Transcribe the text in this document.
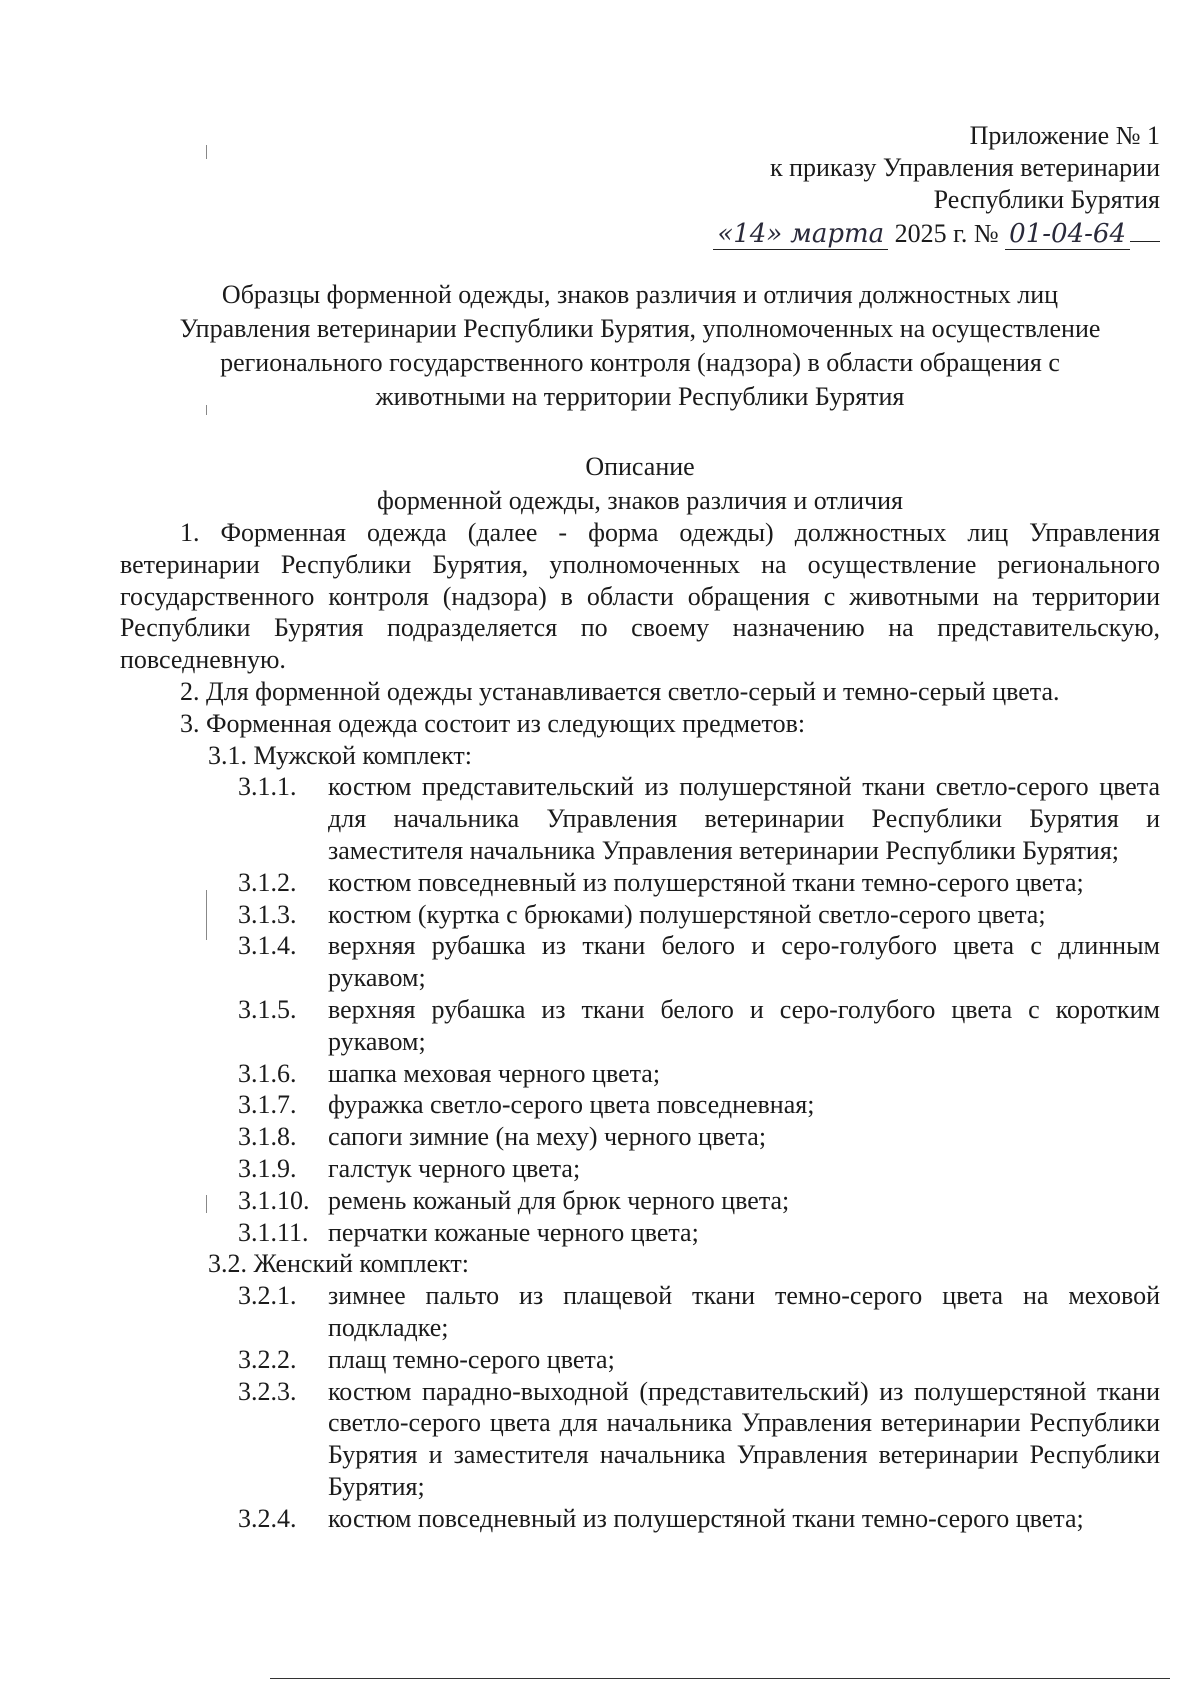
Приложение № 1
к приказу Управления ветеринарии
Республики Бурятия
«14» марта 2025 г. № 01-04-64
Образцы форменной одежды, знаков различия и отличия должностных лиц
Управления ветеринарии Республики Бурятия, уполномоченных на осуществление
регионального государственного контроля (надзора) в области обращения с
животными на территории Республики Бурятия
Описание
форменной одежды, знаков различия и отличия
1. Форменная одежда (далее - форма одежды) должностных лиц Управления ветеринарии Республики Бурятия, уполномоченных на осуществление регионального государственного контроля (надзора) в области обращения с животными на территории Республики Бурятия подразделяется по своему назначению на представительскую, повседневную.
2. Для форменной одежды устанавливается светло-серый и темно-серый цвета.
3. Форменная одежда состоит из следующих предметов:
3.1. Мужской комплект:
3.1.1.	костюм представительский из полушерстяной ткани светло-серого цвета для начальника Управления ветеринарии Республики Бурятия и заместителя начальника Управления ветеринарии Республики Бурятия;
3.1.2.	костюм повседневный из полушерстяной ткани темно-серого цвета;
3.1.3.	костюм (куртка с брюками) полушерстяной светло-серого цвета;
3.1.4.	верхняя рубашка из ткани белого и серо-голубого цвета с длинным рукавом;
3.1.5.	верхняя рубашка из ткани белого и серо-голубого цвета с коротким рукавом;
3.1.6.	шапка меховая черного цвета;
3.1.7.	фуражка светло-серого цвета повседневная;
3.1.8.	сапоги зимние (на меху) черного цвета;
3.1.9.	галстук черного цвета;
3.1.10. ремень кожаный для брюк черного цвета;
3.1.11. перчатки кожаные черного цвета;
3.2. Женский комплект:
3.2.1.	зимнее пальто из плащевой ткани темно-серого цвета на меховой подкладке;
3.2.2.	плащ темно-серого цвета;
3.2.3.	костюм парадно-выходной (представительский) из полушерстяной ткани светло-серого цвета для начальника Управления ветеринарии Республики Бурятия и заместителя начальника Управления ветеринарии Республики Бурятия;
3.2.4.	костюм повседневный из полушерстяной ткани темно-серого цвета;
